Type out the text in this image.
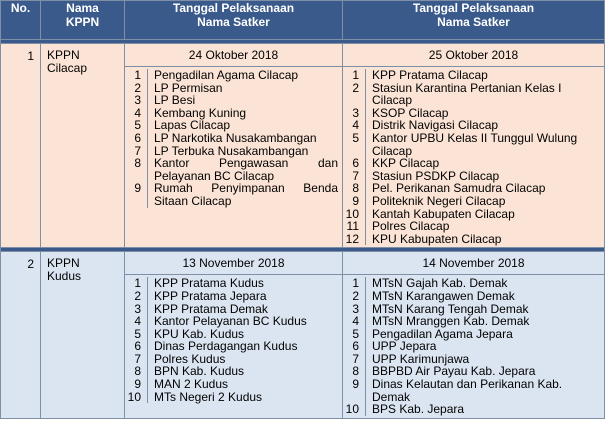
No.	Nama KPPN

Tanggal Pelaksanaan Nama Satker

Tanggal Pelaksanaan Nama Satker

1	KPPN Cilacap
	24 Oktober 2018	25 Oktober 2018

1	Pengadilan Agama Cilacap
2	LP Permisan
3	LP Besi
4	Kembang Kuning
5	Lapas Cilacap
6	LP Narkotika Nusakambangan
7	LP Terbuka Nusakambangan
8	Kantor Pengawasan dan Pelayanan BC Cilacap
9	Rumah Penyimpanan Benda Sitaan Cilacap

1	KPP Pratama Cilacap
2	Stasiun Karantina Pertanian Kelas I Cilacap
3	KSOP Cilacap
4	Distrik Navigasi Cilacap
5	Kantor UPBU Kelas II Tunggul Wulung Cilacap
6	KKP Cilacap
7	Stasiun PSDKP Cilacap
8	Pel. Perikanan Samudra Cilacap
9	Politeknik Negeri Cilacap
10	Kantah Kabupaten Cilacap
11	Polres Cilacap
12	KPU Kabupaten Cilacap

2	KPPN Kudus
	13 November 2018	14 November 2018

1	KPP Pratama Kudus
2	KPP Pratama Jepara
3	KPP Pratama Demak
4	Kantor Pelayanan BC Kudus
5	KPU Kab. Kudus
6	Dinas Perdagangan Kudus
7	Polres Kudus
8	BPN Kab. Kudus
9	MAN 2 Kudus
10	MTs Negeri 2 Kudus

1	MTsN Gajah Kab. Demak
2	MTsN Karangawen Demak
3	MTsN Karang Tengah Demak
4	MTsN Mranggen Kab. Demak
5	Pengadilan Agama Jepara
6	UPP Jepara
7	UPP Karimunjawa
8	BBPBD Air Payau Kab. Jepara
9	Dinas Kelautan dan Perikanan Kab. Demak
10	BPS Kab. Jepara
